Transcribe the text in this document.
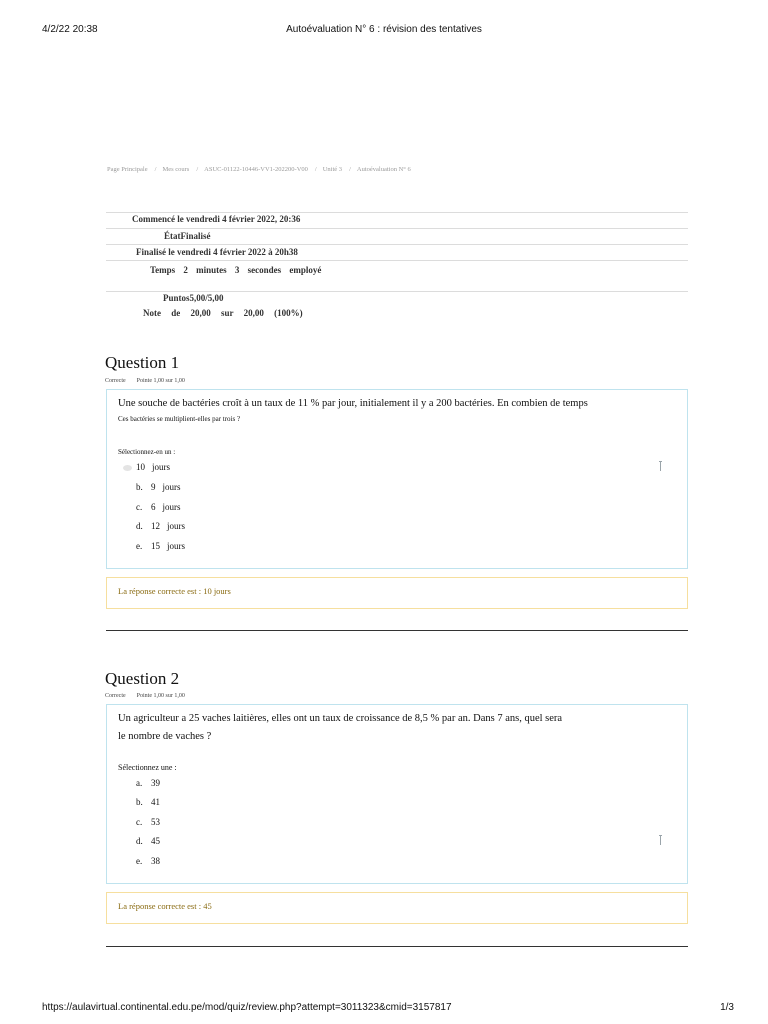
4/2/22 20:38	Autoévaluation N° 6 : révision des tentatives
Page Principale / Mes cours / ASUC-01122-10446-VV1-202200-V00 / Unité 3 / Autoévaluation N° 6
Commencé le vendredi 4 février 2022, 20:36
ÉtatFinalisé
Finalisé le vendredi 4 février 2022 à 20h38
Temps 2 minutes 3 secondes employé
Puntos5,00/5,00
Note de 20,00 sur 20,00 (100%)
Question 1
Correcte Pointe 1,00 sur 1,00
Une souche de bactéries croît à un taux de 11 % par jour, initialement il y a 200 bactéries. En combien de temps
Ces bactéries se multiplient-elles par trois ?
Sélectionnez-en un :
10 jours
b. 9 jours
c. 6 jours
d. 12 jours
e. 15 jours
La réponse correcte est : 10 jours
Question 2
Correcte Pointe 1,00 sur 1,00
Un agriculteur a 25 vaches laitières, elles ont un taux de croissance de 8,5 % par an. Dans 7 ans, quel sera
le nombre de vaches ?
Sélectionnez une :
a. 39
b. 41
c. 53
d. 45
e. 38
La réponse correcte est : 45
https://aulavirtual.continental.edu.pe/mod/quiz/review.php?attempt=3011323&cmid=3157817	1/3
